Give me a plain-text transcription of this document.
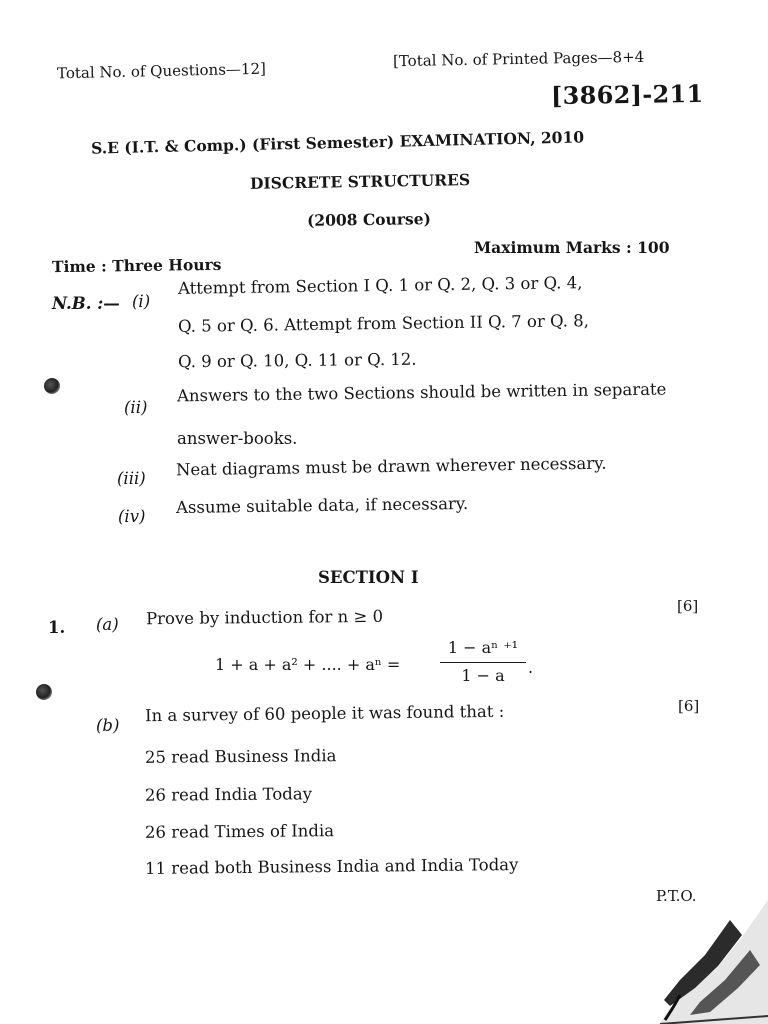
Total No. of Questions—12]
[Total No. of Printed Pages—8+4
[3862]-211
S.E (I.T. & Comp.) (First Semester) EXAMINATION, 2010
DISCRETE STRUCTURES
(2008 Course)
Time : Three Hours
Maximum Marks : 100
N.B. :— (i)
Attempt from Section I Q. 1 or Q. 2, Q. 3 or Q. 4,
Q. 5 or Q. 6. Attempt from Section II Q. 7 or Q. 8,
Q. 9 or Q. 10, Q. 11 or Q. 12.
(ii)
Answers to the two Sections should be written in separate
answer-books.
(iii) Neat diagrams must be drawn wherever necessary.
(iv) Assume suitable data, if necessary.
SECTION I
1. (a) Prove by induction for n ≥ 0
[6]
1 + a + a² + .... + aⁿ =
1 − aⁿ ⁺¹
1 − a	.
(b)
In a survey of 60 people it was found that :	[6]
25 read Business India
26 read India Today
26 read Times of India
11 read both Business India and India Today
P.T.O.
